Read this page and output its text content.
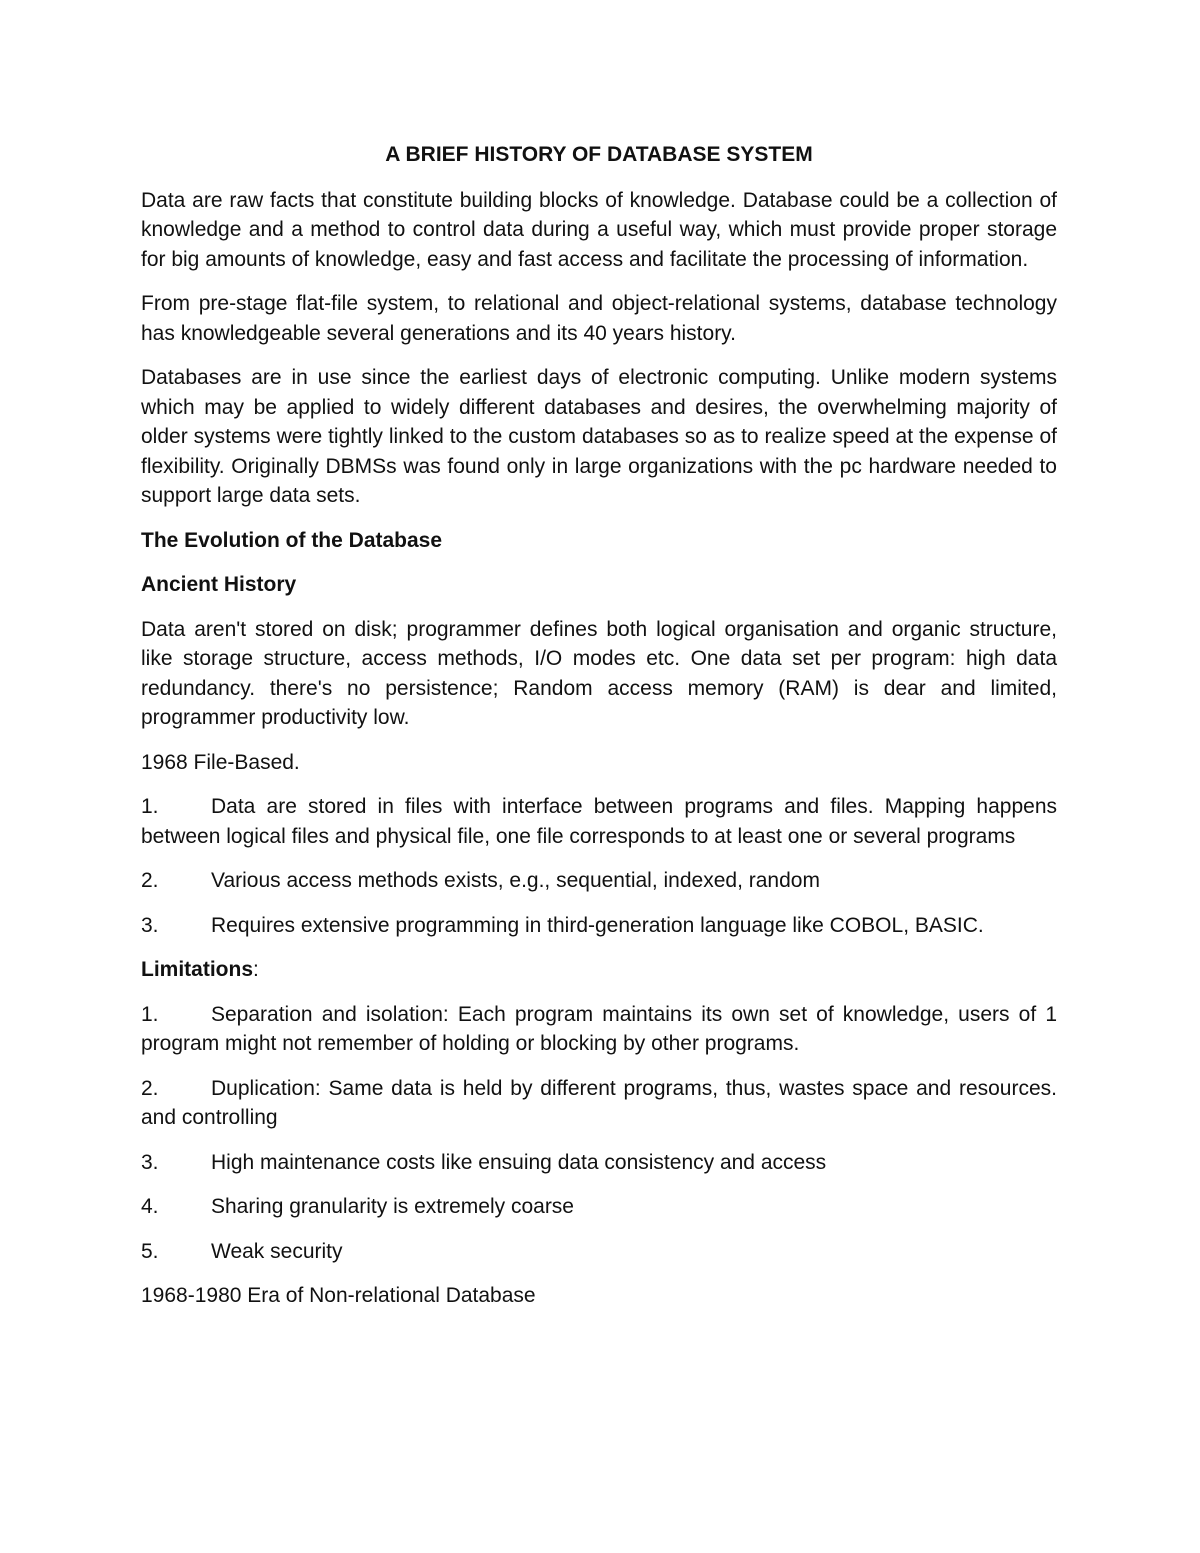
A BRIEF HISTORY OF DATABASE SYSTEM

Data are raw facts that constitute building blocks of knowledge. Database could be a collection of knowledge and a method to control data during a useful way, which must provide proper storage for big amounts of knowledge, easy and fast access and facilitate the processing of information.

From pre-stage flat-file system, to relational and object-relational systems, database technology has knowledgeable several generations and its 40 years history.

Databases are in use since the earliest days of electronic computing. Unlike modern systems which may be applied to widely different databases and desires, the overwhelming majority of older systems were tightly linked to the custom databases so as to realize speed at the expense of flexibility. Originally DBMSs was found only in large organizations with the pc hardware needed to support large data sets.

The Evolution of the Database
Ancient History

Data aren't stored on disk; programmer defines both logical organisation and organic structure, like storage structure, access methods, I/O modes etc. One data set per program: high data redundancy. there's no persistence; Random access memory (RAM) is dear and limited, programmer productivity low.

1968 File-Based.

1. Data are stored in files with interface between programs and files. Mapping happens between logical files and physical file, one file corresponds to at least one or several programs

2. Various access methods exists, e.g., sequential, indexed, random

3. Requires extensive programming in third-generation language like COBOL, BASIC.

Limitations:

1. Separation and isolation: Each program maintains its own set of knowledge, users of 1 program might not remember of holding or blocking by other programs.

2. Duplication: Same data is held by different programs, thus, wastes space and resources. and controlling

3. High maintenance costs like ensuing data consistency and access

4. Sharing granularity is extremely coarse

5. Weak security

1968-1980 Era of Non-relational Database
